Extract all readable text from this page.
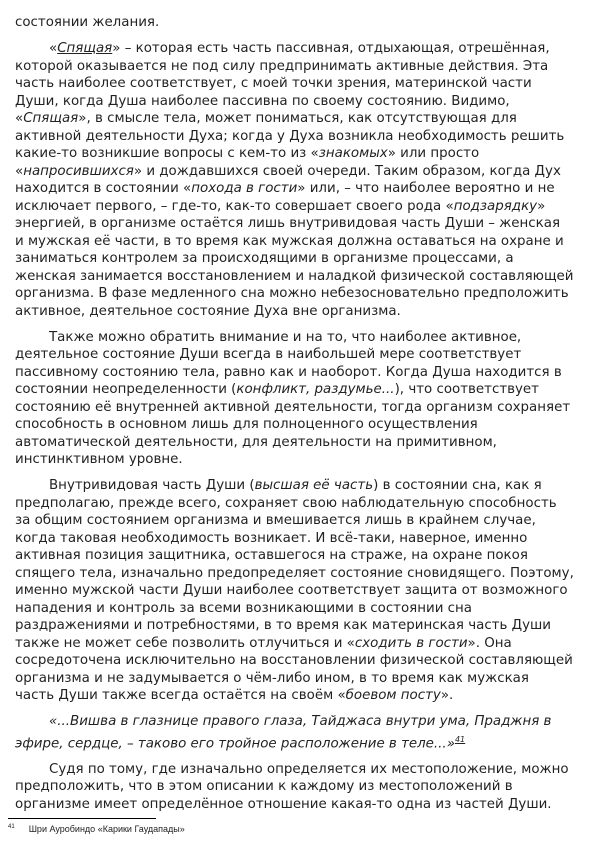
состоянии желания.
«Спящая» – которая есть часть пассивная, отдыхающая, отрешённая,
которой оказывается не под силу предпринимать активные действия. Эта
часть наиболее соответствует, с моей точки зрения, материнской части
Души, когда Душа наиболее пассивна по своему состоянию. Видимо,
«Спящая», в смысле тела, может пониматься, как отсутствующая для
активной деятельности Духа; когда у Духа возникла необходимость решить
какие-то возникшие вопросы с кем-то из «знакомых» или просто
«напросившихся» и дождавшихся своей очереди. Таким образом, когда Дух
находится в состоянии «похода в гости» или, – что наиболее вероятно и не
исключает первого, – где-то, как-то совершает своего рода «подзарядку»
энергией, в организме остаётся лишь внутривидовая часть Души – женская
и мужская её части, в то время как мужская должна оставаться на охране и
заниматься контролем за происходящими в организме процессами, а
женская занимается восстановлением и наладкой физической составляющей
организма. В фазе медленного сна можно небезосновательно предположить
активное, деятельное состояние Духа вне организма.
Также можно обратить внимание и на то, что наиболее активное,
деятельное состояние Души всегда в наибольшей мере соответствует
пассивному состоянию тела, равно как и наоборот. Когда Душа находится в
состоянии неопределенности (конфликт, раздумье...), что соответствует
состоянию её внутренней активной деятельности, тогда организм сохраняет
способность в основном лишь для полноценного осуществления
автоматической деятельности, для деятельности на примитивном,
инстинктивном уровне.
Внутривидовая часть Души (высшая её часть) в состоянии сна, как я
предполагаю, прежде всего, сохраняет свою наблюдательную способность
за общим состоянием организма и вмешивается лишь в крайнем случае,
когда таковая необходимость возникает. И всё-таки, наверное, именно
активная позиция защитника, оставшегося на страже, на охране покоя
спящего тела, изначально предопределяет состояние сновидящего. Поэтому,
именно мужской части Души наиболее соответствует защита от возможного
нападения и контроль за всеми возникающими в состоянии сна
раздражениями и потребностями, в то время как материнская часть Души
также не может себе позволить отлучиться и «сходить в гости». Она
сосредоточена исключительно на восстановлении физической составляющей
организма и не задумывается о чём-либо ином, в то время как мужская
часть Души также всегда остаётся на своём «боевом посту».
«...Вишва в глазнице правого глаза, Тайджаса внутри ума, Праджня в
эфире, сердце, – таково его тройное расположение в теле...»$^{41}$
Судя по тому, где изначально определяется их местоположение, можно
предположить, что в этом описании к каждому из местоположений в
организме имеет определённое отношение какая-то одна из частей Души.
$^{41}$ Шри Ауробиндо «Карики Гаудапады»
